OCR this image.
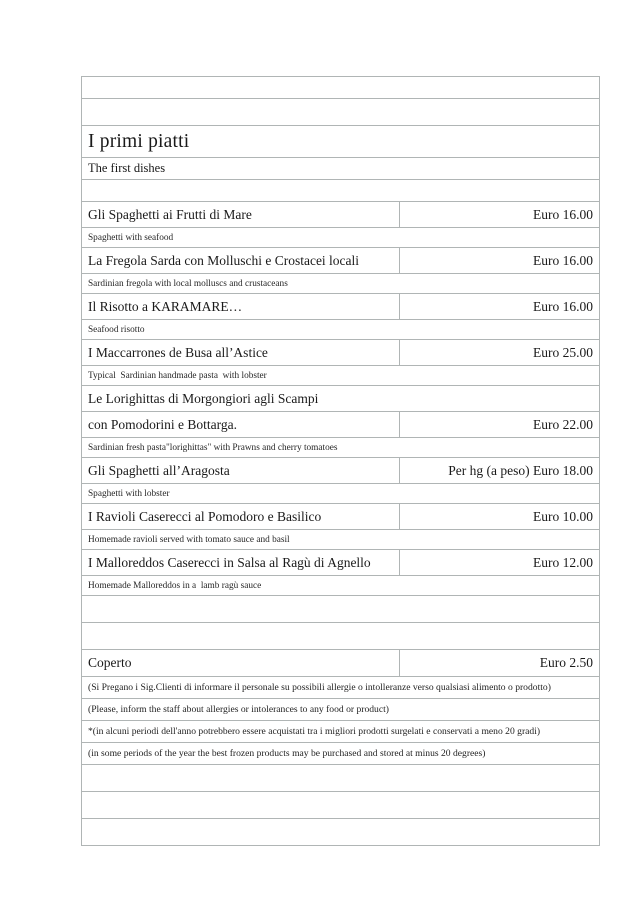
I primi piatti	
The first dishes	

Gli Spaghetti ai Frutti di Mare	Euro 16.00
Spaghetti with seafood	
La Fregola Sarda con Molluschi e Crostacei locali	Euro 16.00
Sardinian fregola with local molluscs and crustaceans	
Il Risotto a KARAMARE…	Euro 16.00
Seafood risotto	
I Maccarrones de Busa all’Astice	Euro 25.00
Typical  Sardinian handmade pasta  with lobster	
Le Lorighittas di Morgongiori agli Scampi	
con Pomodorini e Bottarga.	Euro 22.00
Sardinian fresh pasta"lorighittas" with Prawns and cherry tomatoes	
Gli Spaghetti all’Aragosta	Per hg (a peso) Euro 18.00
Spaghetti with lobster	
I Ravioli Caserecci al Pomodoro e Basilico	Euro 10.00
Homemade ravioli served with tomato sauce and basil	
I Malloreddos Caserecci in Salsa al Ragù di Agnello	Euro 12.00
Homemade Malloreddos in a  lamb ragù sauce	

Coperto	Euro 2.50
(Si Pregano i Sig.Clienti di informare il personale su possibili allergie o intolleranze verso qualsiasi alimento o prodotto)	
(Please, inform the staff about allergies or intolerances to any food or product)	
*(in alcuni periodi dell'anno potrebbero essere acquistati tra i migliori prodotti surgelati e conservati a meno 20 gradi)	
(in some periods of the year the best frozen products may be purchased and stored at minus 20 degrees)	
